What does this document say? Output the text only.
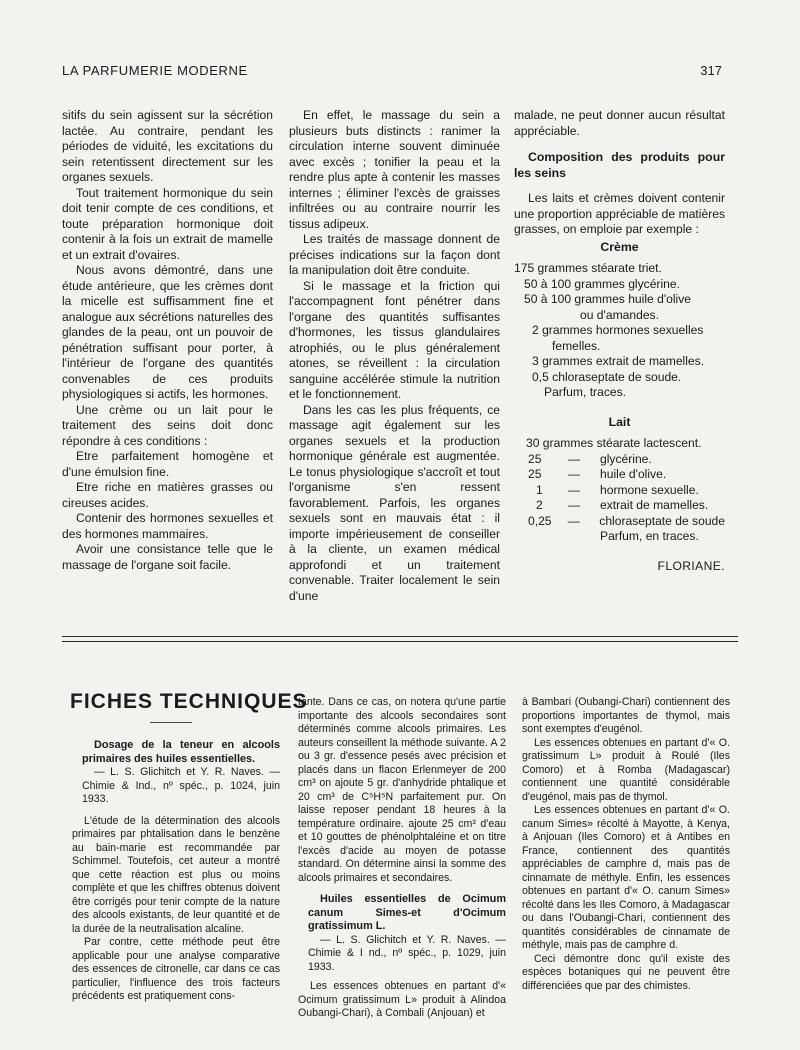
LA PARFUMERIE MODERNE	317

sitifs du sein agissent sur la sécrétion lactée. Au contraire, pendant les périodes de viduité, les excitations du sein retentissent directement sur les organes sexuels.

Tout traitement hormonique du sein doit tenir compte de ces conditions, et toute préparation hormonique doit contenir à la fois un extrait de mamelle et un extrait d'ovaires.

Nous avons démontré, dans une étude antérieure, que les crèmes dont la micelle est suffisamment fine et analogue aux sécrétions naturelles des glandes de la peau, ont un pouvoir de pénétration suffisant pour porter, à l'intérieur de l'organe des quantités convenables de ces produits physiologiques si actifs, les hormones.

Une crème ou un lait pour le traitement des seins doit donc répondre à ces conditions :

Etre parfaitement homogène et d'une émulsion fine.

Etre riche en matières grasses ou cireuses acides.

Contenir des hormones sexuelles et des hormones mammaires.

Avoir une consistance telle que le massage de l'organe soit facile.

En effet, le massage du sein a plusieurs buts distincts : ranimer la circulation interne souvent diminuée avec excès ; tonifier la peau et la rendre plus apte à contenir les masses internes ; éliminer l'excès de graisses infiltrées ou au contraire nourrir les tissus adipeux.

Les traités de massage donnent de précises indications sur la façon dont la manipulation doit être conduite.

Si le massage et la friction qui l'accompagnent font pénétrer dans l'organe des quantités suffisantes d'hormones, les tissus glandulaires atrophiés, ou le plus généralement atones, se réveillent : la circulation sanguine accélérée stimule la nutrition et le fonctionnement.

Dans les cas les plus fréquents, ce massage agit également sur les organes sexuels et la production hormonique générale est augmentée. Le tonus physiologique s'accroît et tout l'organisme s'en ressent favorablement. Parfois, les organes sexuels sont en mauvais état : il importe impérieusement de conseiller à la cliente, un examen médical approfondi et un traitement convenable. Traiter localement le sein d'une

malade, ne peut donner aucun résultat appréciable.

Composition des produits pour les seins

Les laits et crèmes doivent contenir une proportion appréciable de matières grasses, on emploie par exemple :

Crème
175 grammes stéarate triet.
50 à 100 grammes glycérine.
50 à 100 grammes huile d'olive
ou d'amandes.
2 grammes hormones sexuelles
femelles.
3 grammes extrait de mamelles.
0,5 chloraseptate de soude.
Parfum, traces.
Lait
30 grammes stéarate lactescent.
25	—	glycérine.
25	—	huile d'olive.
1	—	hormone sexuelle.
2	—	extrait de mamelles.
0,25	—	chloraseptate de soude
Parfum, en traces.
FLORIANE.
FICHES TECHNIQUES

Dosage de la teneur en alcools primaires des huiles essentielles.

— L. S. Glichitch et Y. R. Naves. — Chimie & Ind., nº spéc., p. 1024, juin 1933.

L'étude de la détermination des alcools primaires par phtalisation dans le benzène au bain-marie est recommandée par Schimmel. Toutefois, cet auteur a montré que cette réaction est plus ou moins complète et que les chiffres obtenus doivent être corrigés pour tenir compte de la nature des alcools existants, de leur quantité et de la durée de la neutralisation alcaline.

Par contre, cette méthode peut être applicable pour une analyse comparative des essences de citronelle, car dans ce cas particulier, l'influence des trois facteurs précédents est pratiquement cons-

tante. Dans ce cas, on notera qu'une partie importante des alcools secondaires sont déterminés comme alcools primaires. Les auteurs conseillent la méthode suivante. A 2 ou 3 gr. d'essence pesés avec précision et placés dans un flacon Erlenmeyer de 200 cm³ on ajoute 5 gr. d'anhydride phtalique et 20 cm³ de C⁵H⁵N parfaitement pur. On laisse reposer pendant 18 heures à la température ordinaire. ajoute 25 cm³ d'eau et 10 gouttes de phénolphtaléine et on titre l'excès d'acide au moyen de potasse standard. On détermine ainsi la somme des alcools primaires et secondaires.

Huiles essentielles de Ocimum canum Simes-et d'Ocimum gratissimum L.

— L. S. Glichitch et Y. R. Naves. — Chimie & I nd., nº spéc., p. 1029, juin 1933.

Les essences obtenues en partant d'« Ocimum gratissimum L» produit à Alindoa Oubangi-Chari), à Combali (Anjouan) et

à Bambari (Oubangi-Chari) contiennent des proportions importantes de thymol, mais sont exemptes d'eugénol.

Les essences obtenues en partant d'« O. gratissimum L» produit à Roulé (Iles Comoro) et à Romba (Madagascar) contiennent une quantité considérable d'eugénol, mais pas de thymol.

Les essences obtenues en partant d'« O. canum Simes» récolté à Mayotte, à Kenya, à Anjouan (Iles Comoro) et à Antibes en France, contiennent des quantités appréciables de camphre d, mais pas de cinnamate de méthyle. Enfin, les essences obtenues en partant d'« O. canum Simes» récolté dans les Iles Comoro, à Madagascar ou dans l'Oubangi-Chari, contiennent des quantités considérables de cinnamate de méthyle, mais pas de camphre d.

Ceci démontre donc qu'il existe des espèces botaniques qui ne peuvent être différenciées que par des chimistes.
